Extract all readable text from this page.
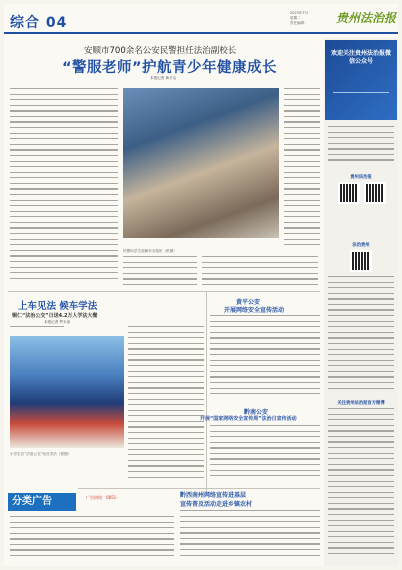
综合 04
2023年7月
星期二
责任编辑：	贵州法治报
安顺市700余名公安民警担任法治副校长
“警服老师”护航青少年健康成长
本报记者 黄平山
民警向学生讲解安全知识（供图）
上车见法 候车学法
铜仁“法治公交”日送4.2万人学法大餐
本报记者 罗永泉
小学生在“法治公交”站台学法（供图）
黄平公安
开展网络安全宣传活动
黔南公安
开展“国家网络安全宣传周”法治日宣传活动
黔西南州网络宣传进基层
宣传普及活动走进乡镇农村
分类广告	广告热线：0851-
欢迎关注贵州法治报微信公众号
贵州法治报
法治贵州
关注贵州法治报官方微博
